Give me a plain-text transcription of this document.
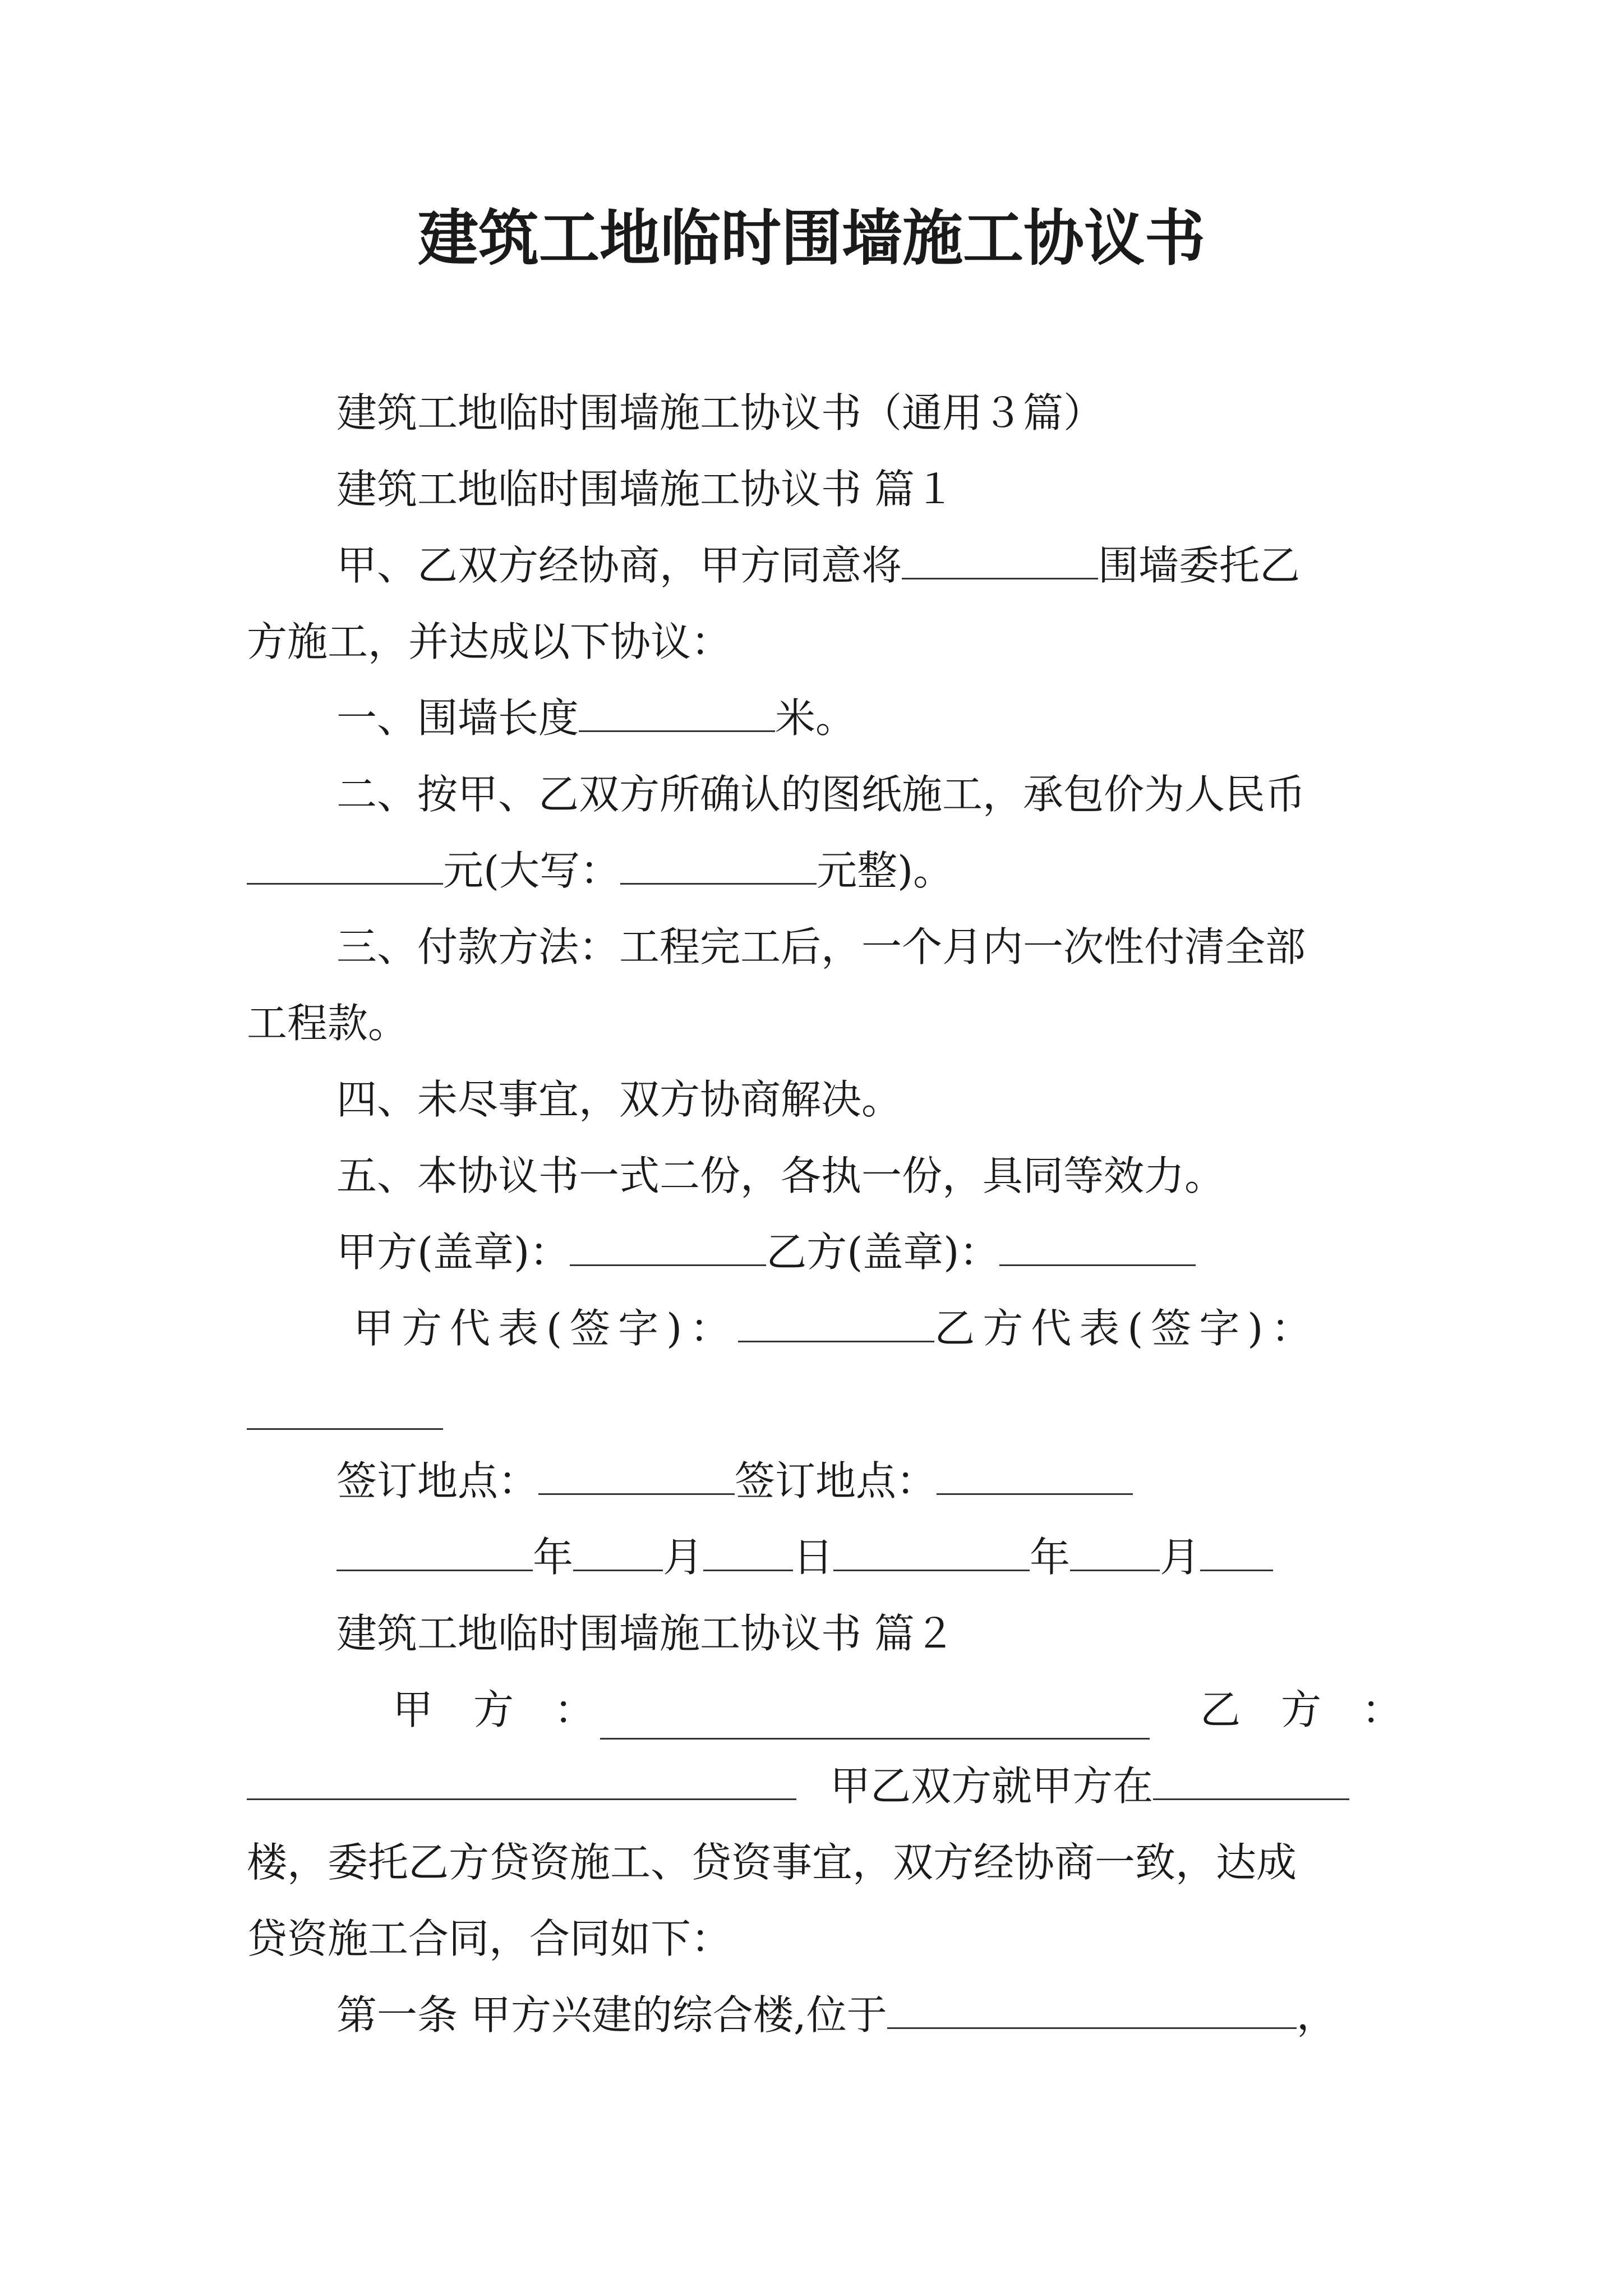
建筑工地临时围墙施工协议书
建筑工地临时围墙施工协议书（通用３篇）
建筑工地临时围墙施工协议书 篇１
甲、乙双方经协商，甲方同意将	围墙委托乙
方施工，并达成以下协议：
一、围墙长度	米。
二、按甲、乙双方所确认的图纸施工，承包价为人民币
元(大写：	元整)。
三、付款方法：工程完工后，一个月内一次性付清全部
工程款。
四、未尽事宜，双方协商解决。
五、本协议书一式二份，各执一份，具同等效力。
甲方(盖章)：	乙方(盖章)：
甲方代表(签字)：	乙方代表(签字)：
签订地点：	签订地点：
年 月 日	年 月
建筑工地临时围墙施工协议书 篇２
甲　方　：	乙　方　：
甲乙双方就甲方在
楼，委托乙方贷资施工、贷资事宜，双方经协商一致，达成
贷资施工合同，合同如下：
第一条 甲方兴建的综合楼,位于	，
